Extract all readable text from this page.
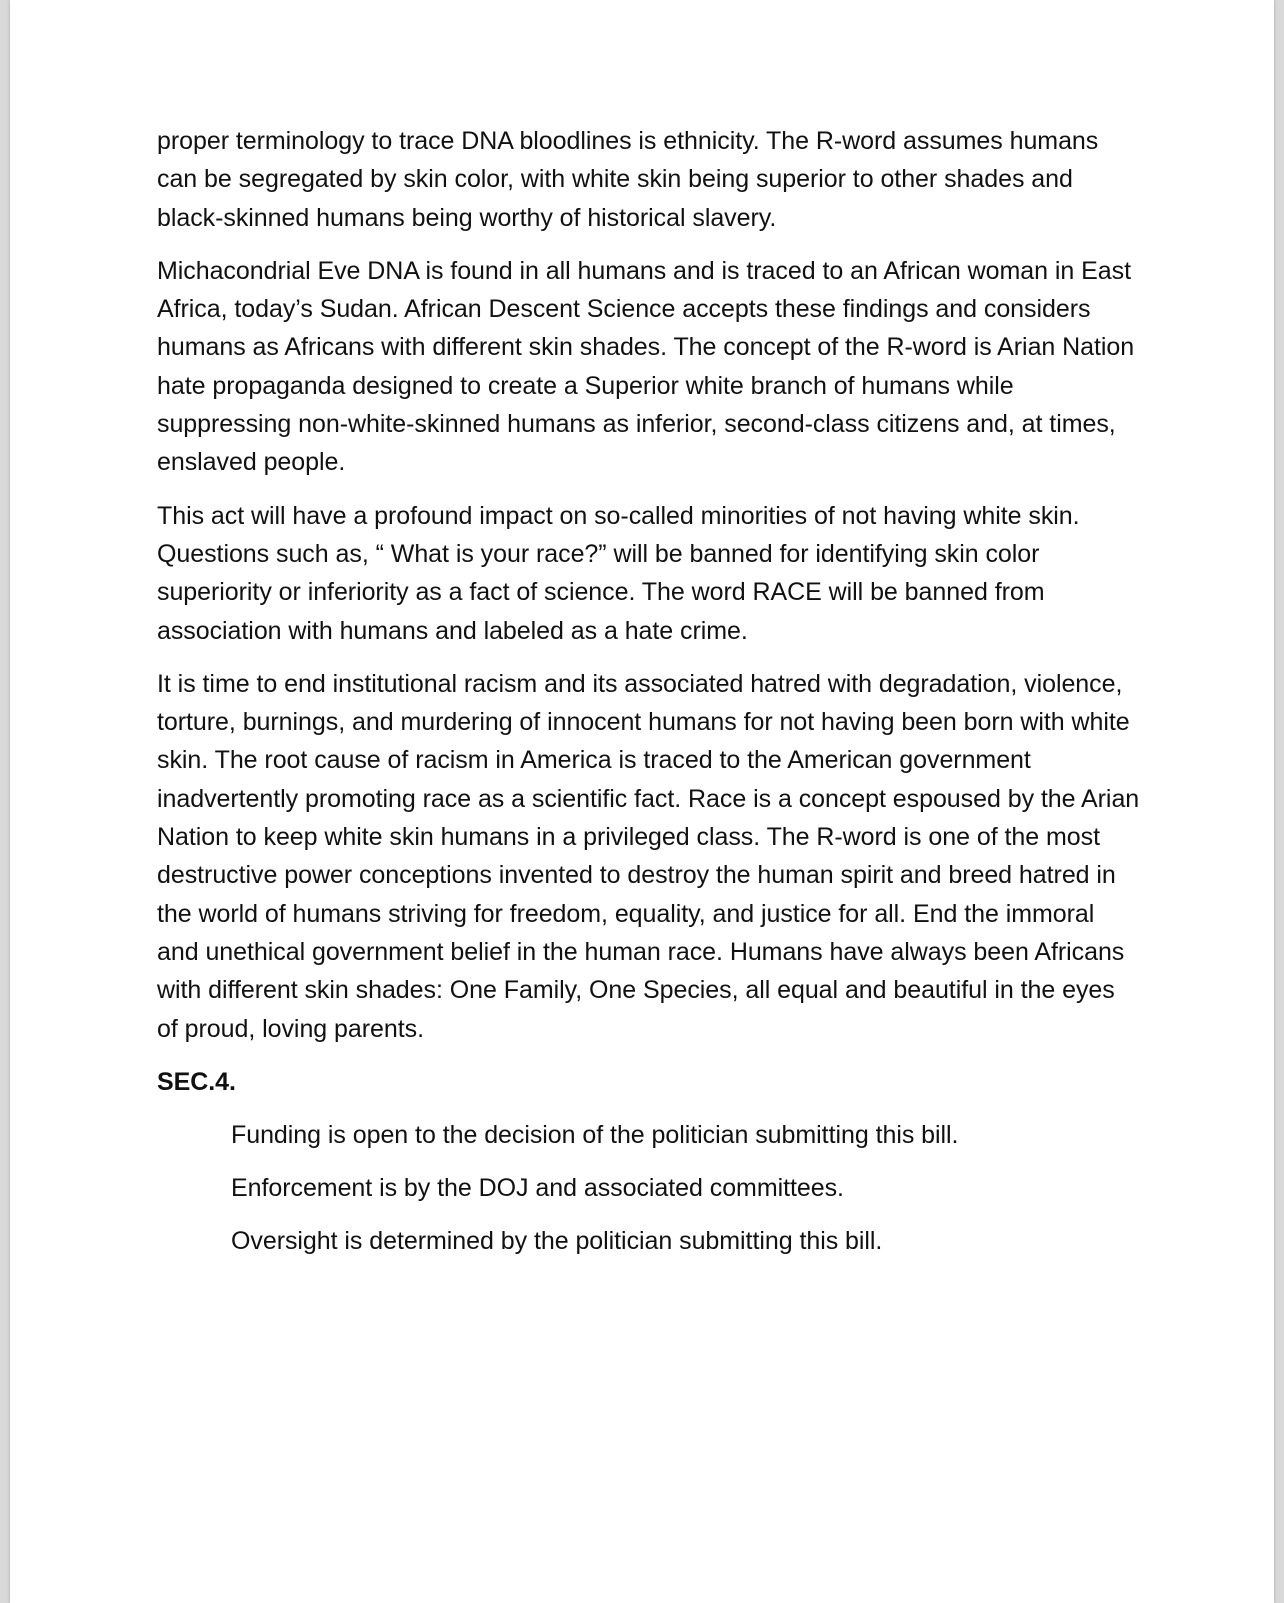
proper terminology to trace DNA bloodlines is ethnicity. The R-word assumes humans can be segregated by skin color, with white skin being superior to other shades and black-skinned humans being worthy of historical slavery.

Michacondrial Eve DNA is found in all humans and is traced to an African woman in East Africa, today’s Sudan. African Descent Science accepts these findings and considers humans as Africans with different skin shades. The concept of the R-word is Arian Nation hate propaganda designed to create a Superior white branch of humans while suppressing non-white-skinned humans as inferior, second-class citizens and, at times, enslaved people.

This act will have a profound impact on so-called minorities of not having white skin. Questions such as, “ What is your race?” will be banned for identifying skin color superiority or inferiority as a fact of science. The word RACE will be banned from association with humans and labeled as a hate crime.

It is time to end institutional racism and its associated hatred with degradation, violence, torture, burnings, and murdering of innocent humans for not having been born with white skin. The root cause of racism in America is traced to the American government inadvertently promoting race as a scientific fact. Race is a concept espoused by the Arian Nation to keep white skin humans in a privileged class. The R-word is one of the most destructive power conceptions invented to destroy the human spirit and breed hatred in the world of humans striving for freedom, equality, and justice for all. End the immoral and unethical government belief in the human race. Humans have always been Africans with different skin shades: One Family, One Species, all equal and beautiful in the eyes of proud, loving parents.

SEC.4.

Funding is open to the decision of the politician submitting this bill.

Enforcement is by the DOJ and associated committees.

Oversight is determined by the politician submitting this bill.
